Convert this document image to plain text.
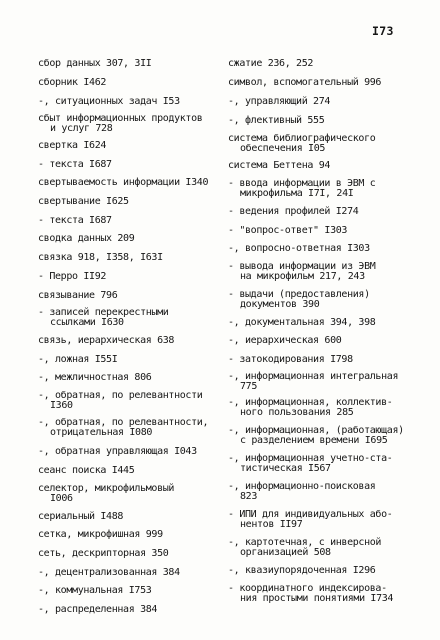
I73
сбор данных 307, 3II
сборник I462
-, ситуационных задач I53
сбыт информационных продуктов
и услуг 728
свертка I624
- текста I687
свертываемость информации I340
свертывание I625
- текста I687
сводка данных 209
связка 918, I358, I63I
- Перро II92
связывание 796
- записей перекрестными
ссылками I630
связь, иерархическая 638
-, ложная I55I
-, межличностная 806
-, обратная, по релевантности
I360
-, обратная, по релевантности,
отрицательная I080
-, обратная управляющая I043
сеанс поиска I445
селектор, микрофильмовый
I006
сериальный I488
сетка, микрофишная 999
сеть, дескрипторная 350
-, децентрализованная 384
-, коммунальная I753
-, распределенная 384
сжатие 236, 252
символ, вспомогательный 996
-, управляющий 274
-, флективный 555
система библиографического
обеспечения I05
система Беттена 94
- ввода информации в ЭВМ с
микрофильма I7I, 24I
- ведения профилей I274
- "вопрос-ответ" I303
-, вопросно-ответная I303
- вывода информации из ЭВМ
на микрофильм 217, 243
- выдачи (предоставления)
документов 390
-, документальная 394, 398
-, иерархическая 600
- затокодирования I798
-, информационная интегральная
775
-, информационная, коллектив-
ного пользования 285
-, информационная, (работающая)
с разделением времени I695
-, информационная учетно-ста-
тистическая I567
-, информационно-поисковая
823
- ИПИ для индивидуальных або-
нентов II97
-, картотечная, с инверсной
организацией 508
-, квазиупорядоченная I296
- координатного индексирова-
ния простыми понятиями I734
